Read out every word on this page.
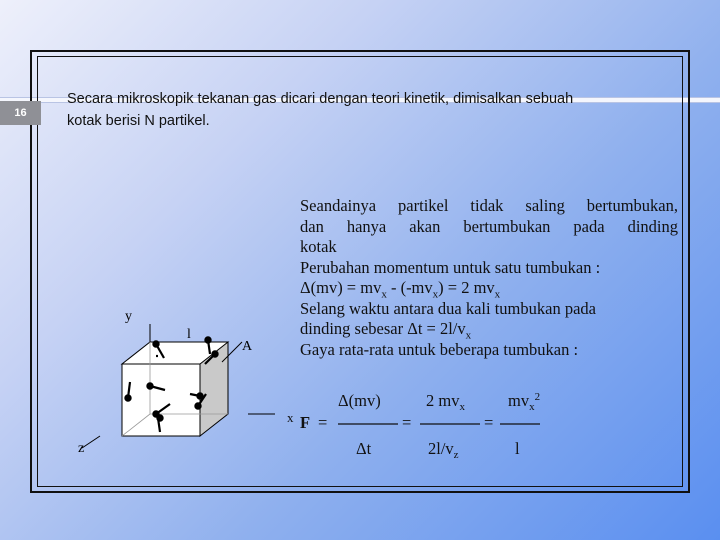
16
Secara mikroskopik tekanan gas dicari dengan teori kinetik, dimisalkan sebuah
kotak berisi N partikel.
y
l
A
z
Seandainya partikel tidak saling bertumbukan,
dan hanya akan bertumbukan pada dinding
kotak
Perubahan momentum untuk satu tumbukan :
$\Delta(mv) = mv_x - (-mv_x) = 2$ $mv_x$
Selang waktu antara dua kali tumbukan pada
dinding sebesar $\Delta t = 2l/v_x$
Gaya rata-rata untuk beberapa tumbukan :
x
Δ(mv)	2 $mv_x$	$mv_x^2$
F =	=	=
Δt	$2l/v_z$	l
